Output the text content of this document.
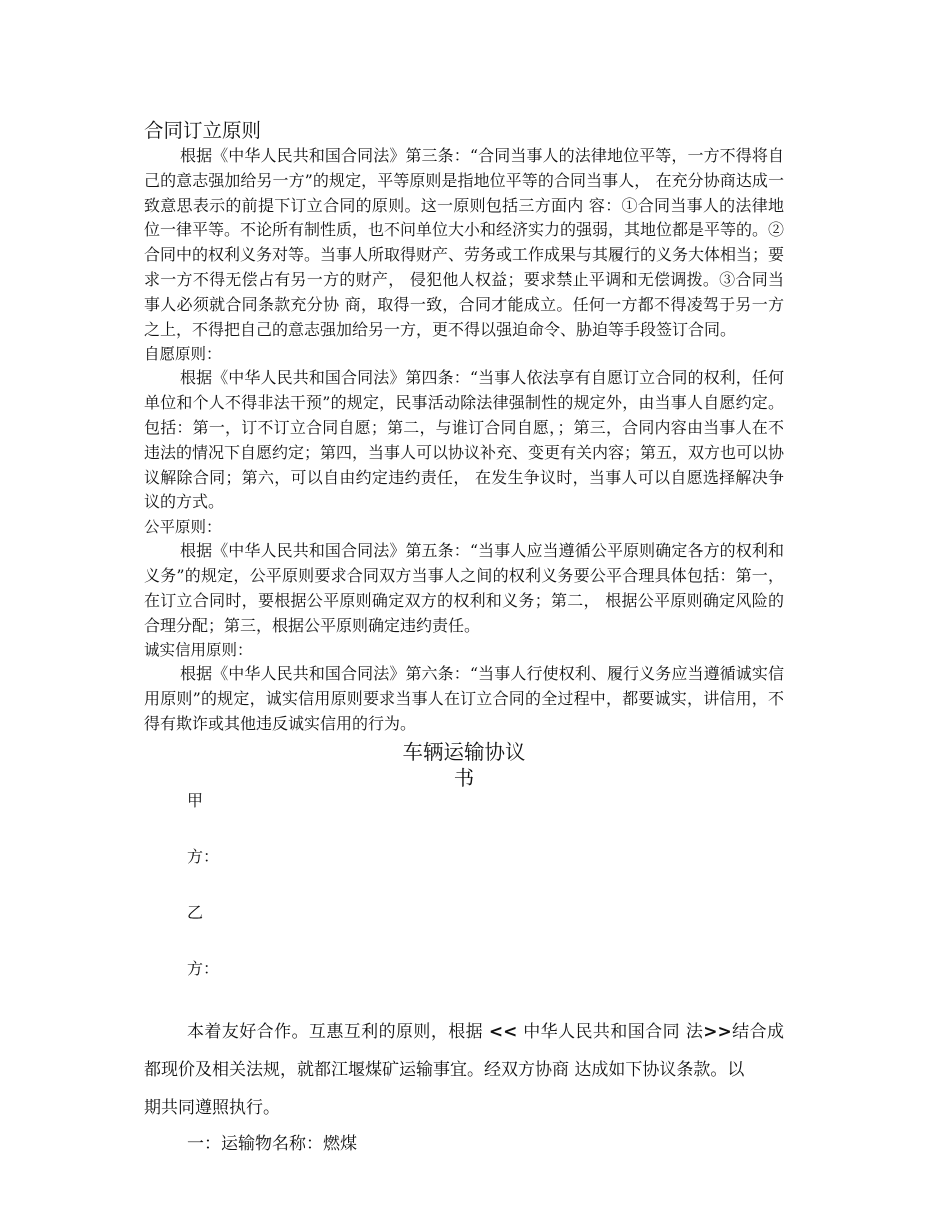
合同订立原则

根据《中华人民共和国合同法》第三条：“合同当事人的法律地位平等，一方不得将自己的意志强加给另一方”的规定，平等原则是指地位平等的合同当事人， 在充分协商达成一致意思表示的前提下订立合同的原则。这一原则包括三方面内 容：①合同当事人的法律地位一律平等。不论所有制性质，也不问单位大小和经济实力的强弱，其地位都是平等的。②合同中的权利义务对等。当事人所取得财产、劳务或工作成果与其履行的义务大体相当；要求一方不得无偿占有另一方的财产， 侵犯他人权益；要求禁止平调和无偿调拨。③合同当事人必须就合同条款充分协 商，取得一致，合同才能成立。任何一方都不得凌驾于另一方之上，不得把自己的意志强加给另一方，更不得以强迫命令、胁迫等手段签订合同。

自愿原则：

根据《中华人民共和国合同法》第四条：“当事人依法享有自愿订立合同的权利，任何单位和个人不得非法干预”的规定，民事活动除法律强制性的规定外，由当事人自愿约定。包括：第一，订不订立合同自愿；第二，与谁订合同自愿，；第三，合同内容由当事人在不违法的情况下自愿约定；第四，当事人可以协议补充、变更有关内容；第五，双方也可以协议解除合同；第六，可以自由约定违约责任， 在发生争议时，当事人可以自愿选择解决争议的方式。

公平原则：

根据《中华人民共和国合同法》第五条：“当事人应当遵循公平原则确定各方的权利和义务”的规定，公平原则要求合同双方当事人之间的权利义务要公平合理具体包括：第一，在订立合同时，要根据公平原则确定双方的权利和义务；第二， 根据公平原则确定风险的合理分配；第三，根据公平原则确定违约责任。

诚实信用原则：

根据《中华人民共和国合同法》第六条：“当事人行使权利、履行义务应当遵循诚实信用原则”的规定，诚实信用原则要求当事人在订立合同的全过程中，都要诚实，讲信用，不得有欺诈或其他违反诚实信用的行为。

车辆运输协议
书

甲

方：

乙

方：

本着友好合作。互惠互利的原则，根据 << 中华人民共和国合同 法>>结合成都现价及相关法规，就都江堰煤矿运输事宜。经双方协商 达成如下协议条款。以

期共同遵照执行。

一：运输物名称：燃煤
